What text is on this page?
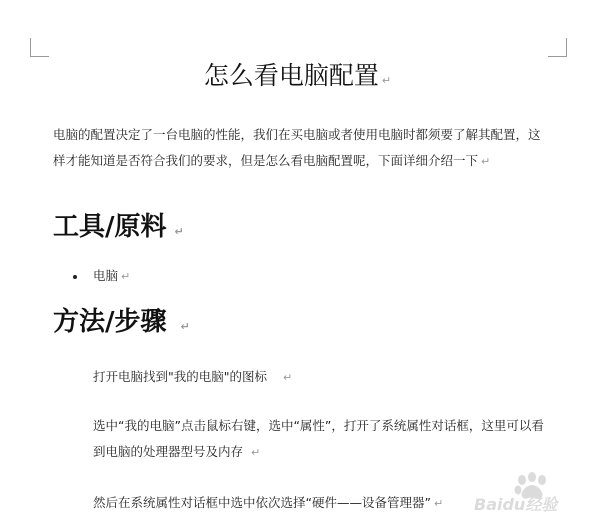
怎么看电脑配置 ↵

电脑的配置决定了一台电脑的性能，我们在买电脑或者使用电脑时都须要了解其配置，这样才能知道是否符合我们的要求，但是怎么看电脑配置呢，下面详细介绍一下 ↵

工具/原料 ↵
电脑 ↵
方法/步骤 ↵

打开电脑找到"我的电脑"的图标 ↵

选中“我的电脑”点击鼠标右键，选中“属性”，打开了系统属性对话框，这里可以看到电脑的处理器型号及内存 ↵

然后在系统属性对话框中选中依次选择“硬件——设备管理器” ↵	Baidu经验
